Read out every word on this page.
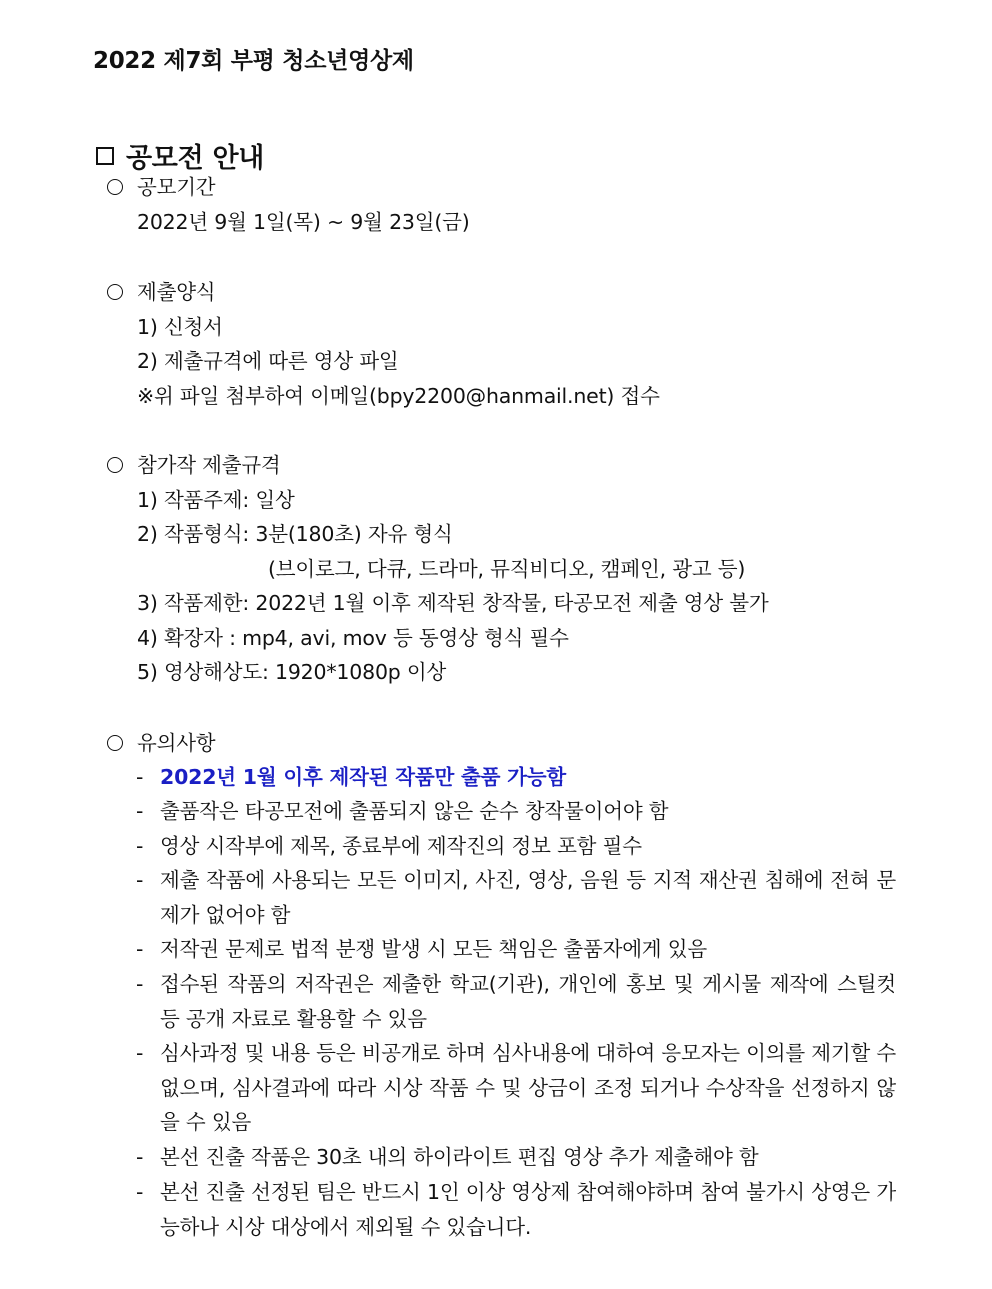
2022 제7회 부평 청소년영상제
공모전 안내
공모기간
2022년 9월 1일(목) ~ 9월 23일(금)
제출양식
1) 신청서
2) 제출규격에 따른 영상 파일
※위 파일 첨부하여 이메일(bpy2200@hanmail.net) 접수
참가작 제출규격
1) 작품주제: 일상
2) 작품형식: 3분(180초) 자유 형식
(브이로그, 다큐, 드라마, 뮤직비디오, 캠페인, 광고 등)
3) 작품제한: 2022년 1월 이후 제작된 창작물, 타공모전 제출 영상 불가
4) 확장자 : mp4, avi, mov 등 동영상 형식 필수
5) 영상해상도: 1920*1080p 이상
유의사항
- 2022년 1월 이후 제작된 작품만 출품 가능함
- 출품작은 타공모전에 출품되지 않은 순수 창작물이어야 함
- 영상 시작부에 제목, 종료부에 제작진의 정보 포함 필수
- 제출 작품에 사용되는 모든 이미지, 사진, 영상, 음원 등 지적 재산권 침해에 전혀 문제가 없어야 함
- 저작권 문제로 법적 분쟁 발생 시 모든 책임은 출품자에게 있음
- 접수된 작품의 저작권은 제출한 학교(기관), 개인에 홍보 및 게시물 제작에 스틸컷 등 공개 자료로 활용할 수 있음
- 심사과정 및 내용 등은 비공개로 하며 심사내용에 대하여 응모자는 이의를 제기할 수 없으며, 심사결과에 따라 시상 작품 수 및 상금이 조정 되거나 수상작을 선정하지 않을 수 있음
- 본선 진출 작품은 30초 내의 하이라이트 편집 영상 추가 제출해야 함
- 본선 진출 선정된 팀은 반드시 1인 이상 영상제 참여해야하며 참여 불가시 상영은 가능하나 시상 대상에서 제외될 수 있습니다.
